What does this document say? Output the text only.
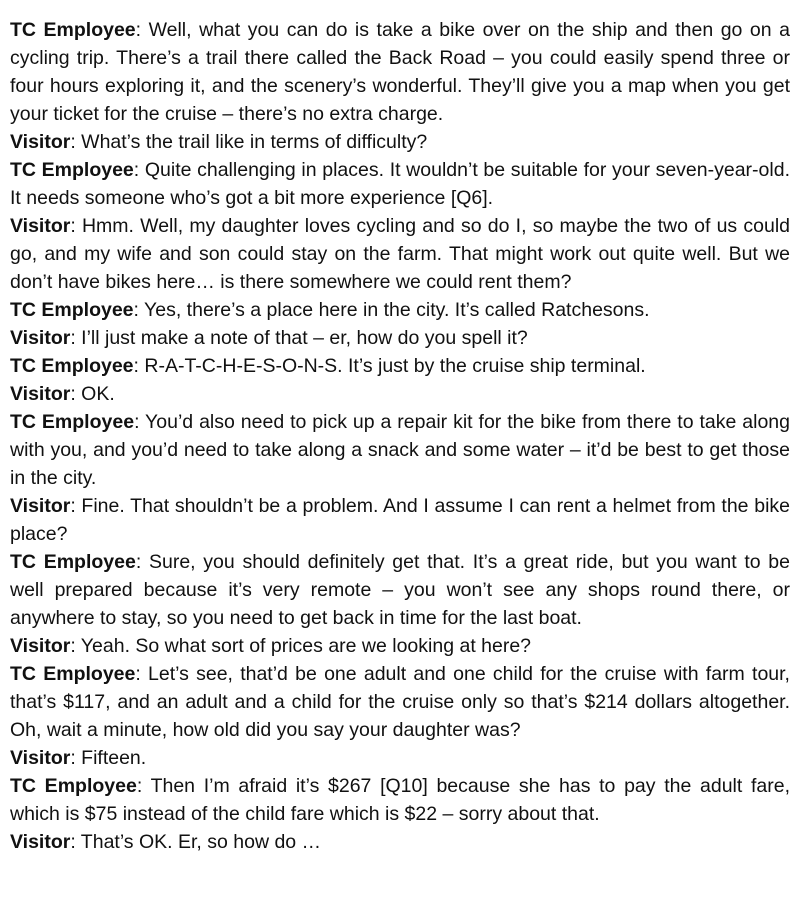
TC Employee: Well, what you can do is take a bike over on the ship and then go on a cycling trip. There’s a trail there called the Back Road – you could easily spend three or four hours exploring it, and the scenery’s wonderful. They’ll give you a map when you get your ticket for the cruise – there’s no extra charge.

Visitor: What’s the trail like in terms of difficulty?

TC Employee: Quite challenging in places. It wouldn’t be suitable for your seven-year-old. It needs someone who’s got a bit more experience [Q6].

Visitor: Hmm. Well, my daughter loves cycling and so do I, so maybe the two of us could go, and my wife and son could stay on the farm. That might work out quite well. But we don’t have bikes here… is there somewhere we could rent them?

TC Employee: Yes, there’s a place here in the city. It’s called Ratchesons.

Visitor: I’ll just make a note of that – er, how do you spell it?

TC Employee: R-A-T-C-H-E-S-O-N-S. It’s just by the cruise ship terminal.

Visitor: OK.

TC Employee: You’d also need to pick up a repair kit for the bike from there to take along with you, and you’d need to take along a snack and some water – it’d be best to get those in the city.

Visitor: Fine. That shouldn’t be a problem. And I assume I can rent a helmet from the bike place?

TC Employee: Sure, you should definitely get that. It’s a great ride, but you want to be well prepared because it’s very remote – you won’t see any shops round there, or anywhere to stay, so you need to get back in time for the last boat.

Visitor: Yeah. So what sort of prices are we looking at here?

TC Employee: Let’s see, that’d be one adult and one child for the cruise with farm tour, that’s $117, and an adult and a child for the cruise only so that’s $214 dollars altogether. Oh, wait a minute, how old did you say your daughter was?

Visitor: Fifteen.

TC Employee: Then I’m afraid it’s $267 [Q10] because she has to pay the adult fare, which is $75 instead of the child fare which is $22 – sorry about that.

Visitor: That’s OK. Er, so how do …
